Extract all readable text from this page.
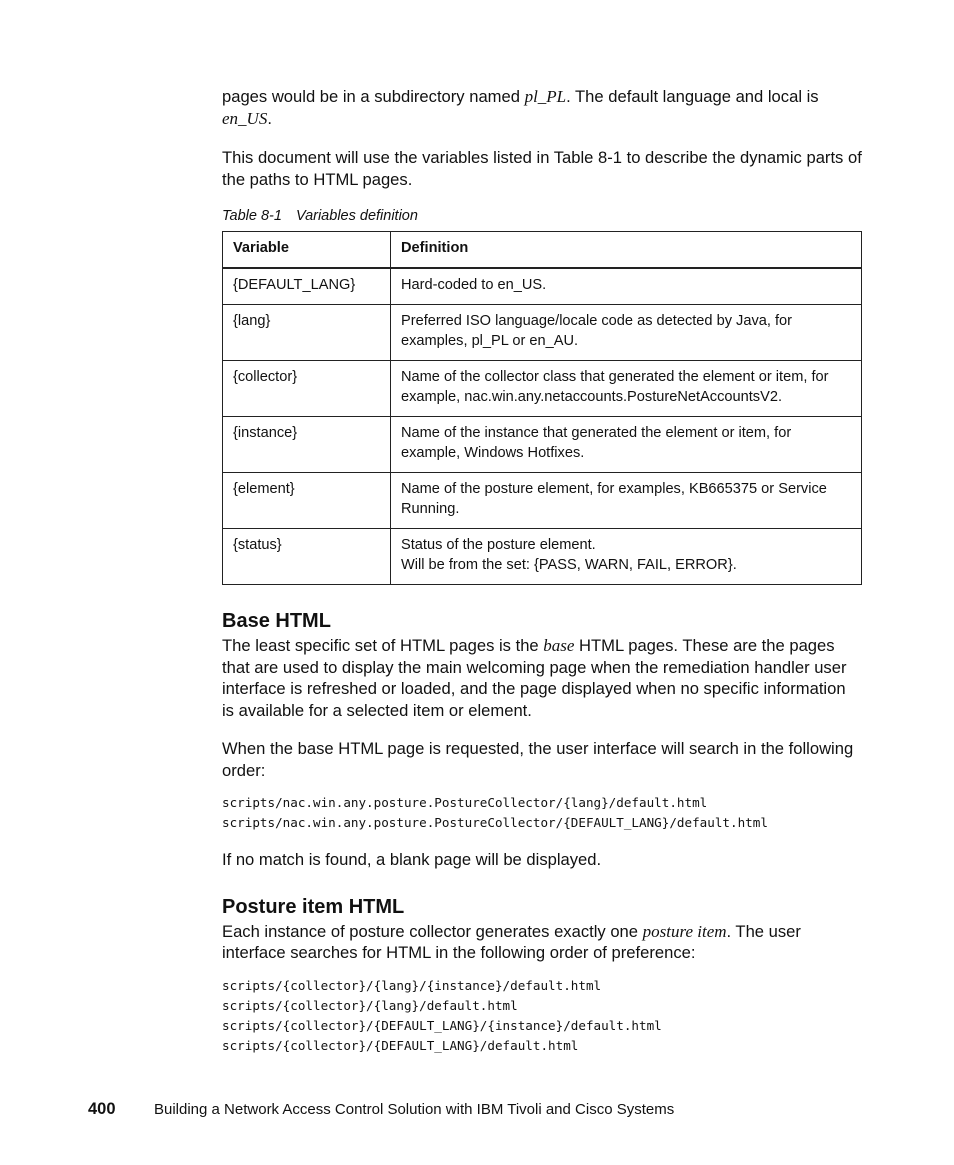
pages would be in a subdirectory named pl_PL. The default language and local is en_US.

This document will use the variables listed in Table 8-1 to describe the dynamic parts of the paths to HTML pages.

Table 8-1 Variables definition
Variable	Definition
{DEFAULT_LANG}	Hard-coded to en_US.
{lang}	Preferred ISO language/locale code as detected by Java, for examples, pl_PL or en_AU.
{collector}	Name of the collector class that generated the element or item, for example, nac.win.any.netaccounts.PostureNetAccountsV2.
{instance}	Name of the instance that generated the element or item, for example, Windows Hotfixes.
{element}	Name of the posture element, for examples, KB665375 or Service Running.
{status}	Status of the posture element.
Will be from the set: {PASS, WARN, FAIL, ERROR}.
Base HTML

The least specific set of HTML pages is the base HTML pages. These are the pages that are used to display the main welcoming page when the remediation handler user interface is refreshed or loaded, and the page displayed when no specific information is available for a selected item or element.

When the base HTML page is requested, the user interface will search in the following order:

scripts/nac.win.any.posture.PostureCollector/{lang}/default.html
scripts/nac.win.any.posture.PostureCollector/{DEFAULT_LANG}/default.html

If no match is found, a blank page will be displayed.

Posture item HTML

Each instance of posture collector generates exactly one posture item. The user interface searches for HTML in the following order of preference:

scripts/{collector}/{lang}/{instance}/default.html
scripts/{collector}/{lang}/default.html
scripts/{collector}/{DEFAULT_LANG}/{instance}/default.html
scripts/{collector}/{DEFAULT_LANG}/default.html
400	Building a Network Access Control Solution with IBM Tivoli and Cisco Systems
